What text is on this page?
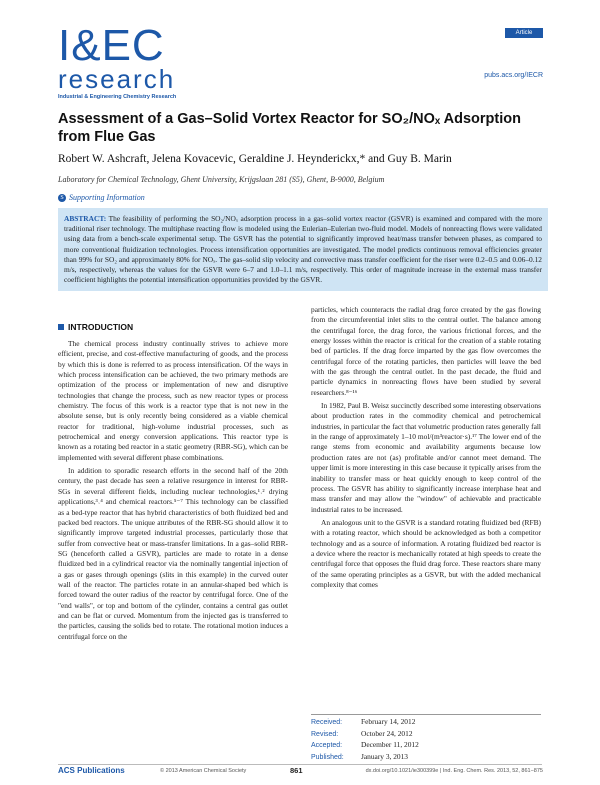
I&EC
research
Industrial & Engineering Chemistry Research
Article
pubs.acs.org/IECR
Assessment of a Gas–Solid Vortex Reactor for SO₂/NOₓ Adsorption from Flue Gas
Robert W. Ashcraft, Jelena Kovacevic, Geraldine J. Heynderickx,* and Guy B. Marin
Laboratory for Chemical Technology, Ghent University, Krijgslaan 281 (S5), Ghent, B-9000, Belgium
S Supporting Information
ABSTRACT: The feasibility of performing the SO₂/NOₓ adsorption process in a gas–solid vortex reactor (GSVR) is examined and compared with the more traditional riser technology. The multiphase reacting flow is modeled using the Eulerian–Eulerian two-fluid model. Models of nonreacting flows were validated using data from a bench-scale experimental setup. The GSVR has the potential to significantly improved heat/mass transfer between phases, as compared to more conventional fluidization technologies. Process intensification opportunities are investigated. The model predicts continuous removal efficiencies greater than 99% for SO₂ and approximately 80% for NOₓ. The gas–solid slip velocity and convective mass transfer coefficient for the riser were 0.2–0.5 and 0.06–0.12 m/s, respectively, whereas the values for the GSVR were 6–7 and 1.0–1.1 m/s, respectively. This order of magnitude increase in the external mass transfer coefficient highlights the potential intensification opportunities provided by the GSVR.
INTRODUCTION

The chemical process industry continually strives to achieve more efficient, precise, and cost-effective manufacturing of goods, and the process by which this is done is referred to as process intensification. Of the ways in which process intensification can be achieved, the two primary methods are optimization of the process or implementation of new and disruptive technologies that change the process, such as new reactor types or process chemistry. The focus of this work is a reactor type that is not new in the absolute sense, but is only recently being considered as a viable chemical reactor for traditional, high-volume industrial processes, such as petrochemical and energy conversion applications. This reactor type is known as a rotating bed reactor in a static geometry (RBR-SG), which can be implemented with several different phase combinations.

In addition to sporadic research efforts in the second half of the 20th century, the past decade has seen a relative resurgence in interest for RBR-SGs in several different fields, including nuclear technologies,¹˒² drying applications,³˒⁴ and chemical reactors.⁵⁻⁷ This technology can be classified as a bed-type reactor that has hybrid characteristics of both fluidized bed and packed bed reactors. The unique attributes of the RBR-SG should allow it to significantly improve targeted industrial processes, particularly those that suffer from convective heat or mass-transfer limitations. In a gas–solid RBR-SG (henceforth called a GSVR), particles are made to rotate in a dense fluidized bed in a cylindrical reactor via the nominally tangential injection of a gas or gases through openings (slits in this example) in the curved outer wall of the reactor. The particles rotate in an annular-shaped bed which is forced toward the outer radius of the reactor by centrifugal force. One of the "end walls", or top and bottom of the cylinder, contains a central gas outlet and can be flat or curved. Momentum from the injected gas is transferred to the particles, causing the solids bed to rotate. The rotational motion induces a centrifugal force on the

particles, which counteracts the radial drag force created by the gas flowing from the circumferential inlet slits to the central outlet. The balance among the centrifugal force, the drag force, the various frictional forces, and the energy losses within the reactor is critical for the creation of a stable rotating bed of particles. If the drag force imparted by the gas flow overcomes the centrifugal force of the rotating particles, then particles will leave the bed with the gas through the central outlet. In the past decade, the fluid and particle dynamics in nonreacting flows have been studied by several researchers.⁸⁻¹⁶

In 1982, Paul B. Weisz succinctly described some interesting observations about production rates in the commodity chemical and petrochemical industries, in particular the fact that volumetric production rates generally fall in the range of approximately 1–10 mol/(m³reactor·s).¹⁷ The lower end of the range stems from economic and availability arguments because low production rates are not (as) profitable and/or cannot meet demand. The upper limit is more interesting in this case because it typically arises from the inability to transfer mass or heat quickly enough to keep control of the process. The GSVR has ability to significantly increase interphase heat and mass transfer and may allow the "window" of achievable and practicable industrial rates to be increased.

An analogous unit to the GSVR is a standard rotating fluidized bed (RFB) with a rotating reactor, which should be acknowledged as both a competitor technology and as a source of information. A rotating fluidized bed reactor is a device where the reactor is mechanically rotated at high speeds to create the centrifugal force that opposes the fluid drag force. These reactors share many of the same operating principles as a GSVR, but with the added mechanical complexity that comes

Received:	February 14, 2012
Revised:	October 24, 2012
Accepted:	December 11, 2012
Published: January 3, 2013
ACS Publications	© 2013 American Chemical Society	861	dx.doi.org/10.1021/ie300399e | Ind. Eng. Chem. Res. 2013, 52, 861−875
